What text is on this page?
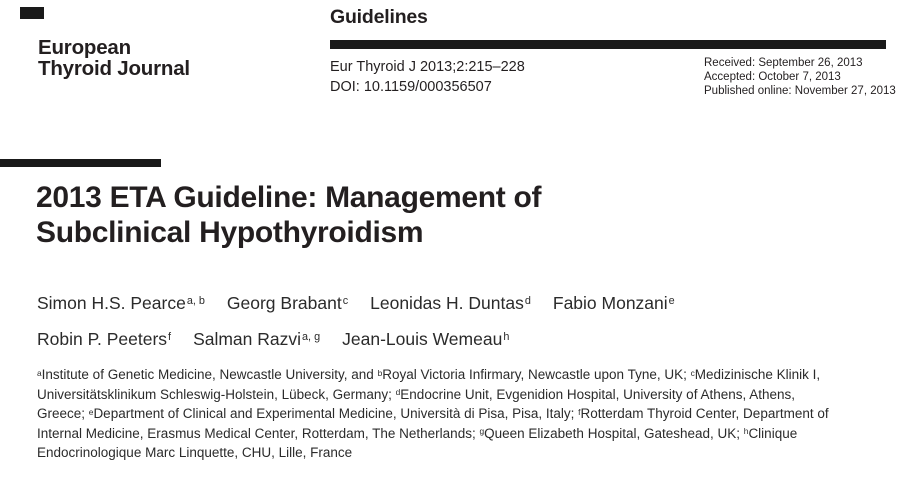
European
Thyroid Journal
Guidelines
Eur Thyroid J 2013;2:215–228
DOI: 10.1159/000356507
Received: September 26, 2013
Accepted: October 7, 2013
Published online: November 27, 2013
2013 ETA Guideline: Management of
Subclinical Hypothyroidism
Simon H.S. Pearce$^{a, b}$ Georg Brabant$^c$ Leonidas H. Duntas$^d$ Fabio Monzani$^e$Robin P. Peeters$^f$ Salman Razvi$^{a, g}$ Jean-Louis Wemeau$^h$

$^a$Institute of Genetic Medicine, Newcastle University, and $^b$Royal Victoria Infirmary, Newcastle upon Tyne, UK; $^c$Medizinische Klinik I, Universitätsklinikum Schleswig-Holstein, Lübeck, Germany; $^d$Endocrine Unit, Evgenidion Hospital, University of Athens, Athens, Greece; $^e$Department of Clinical and Experimental Medicine, Università di Pisa, Pisa, Italy; $^f$Rotterdam Thyroid Center, Department of Internal Medicine, Erasmus Medical Center, Rotterdam, The Netherlands; $^g$Queen Elizabeth Hospital, Gateshead, UK; $^h$Clinique Endocrinologique Marc Linquette, CHU, Lille, France
